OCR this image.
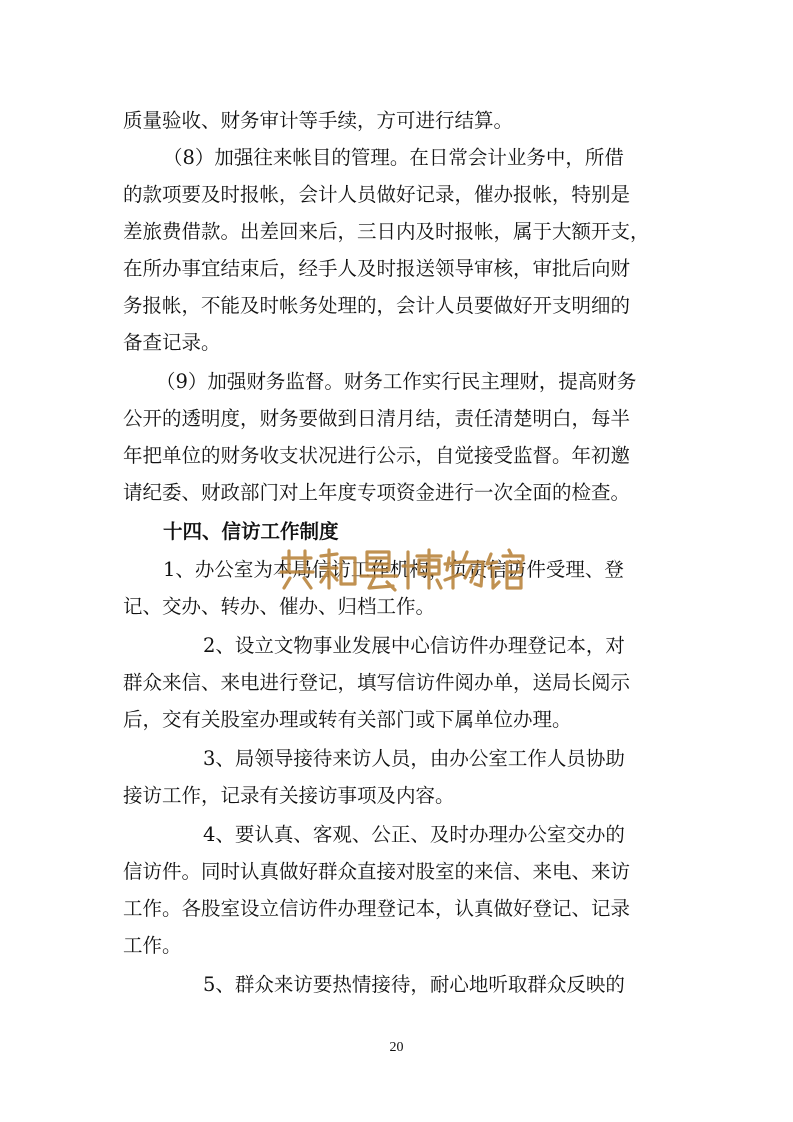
质量验收、财务审计等手续，方可进行结算。
（8）加强往来帐目的管理。在日常会计业务中，所借
的款项要及时报帐，会计人员做好记录，催办报帐，特别是
差旅费借款。出差回来后，三日内及时报帐，属于大额开支，
在所办事宜结束后，经手人及时报送领导审核，审批后向财
务报帐，不能及时帐务处理的，会计人员要做好开支明细的
备查记录。
（9）加强财务监督。财务工作实行民主理财，提高财务
公开的透明度，财务要做到日清月结，责任清楚明白，每半
年把单位的财务收支状况进行公示，自觉接受监督。年初邀
请纪委、财政部门对上年度专项资金进行一次全面的检查。
十四、信访工作制度
1、办公室为本局信访工作机构，负责信访件受理、登
记、交办、转办、催办、归档工作。
2、设立文物事业发展中心信访件办理登记本，对
群众来信、来电进行登记，填写信访件阅办单，送局长阅示
后，交有关股室办理或转有关部门或下属单位办理。
3、局领导接待来访人员，由办公室工作人员协助
接访工作，记录有关接访事项及内容。
4、要认真、客观、公正、及时办理办公室交办的
信访件。同时认真做好群众直接对股室的来信、来电、来访
工作。各股室设立信访件办理登记本，认真做好登记、记录
工作。
5、群众来访要热情接待，耐心地听取群众反映的
20
